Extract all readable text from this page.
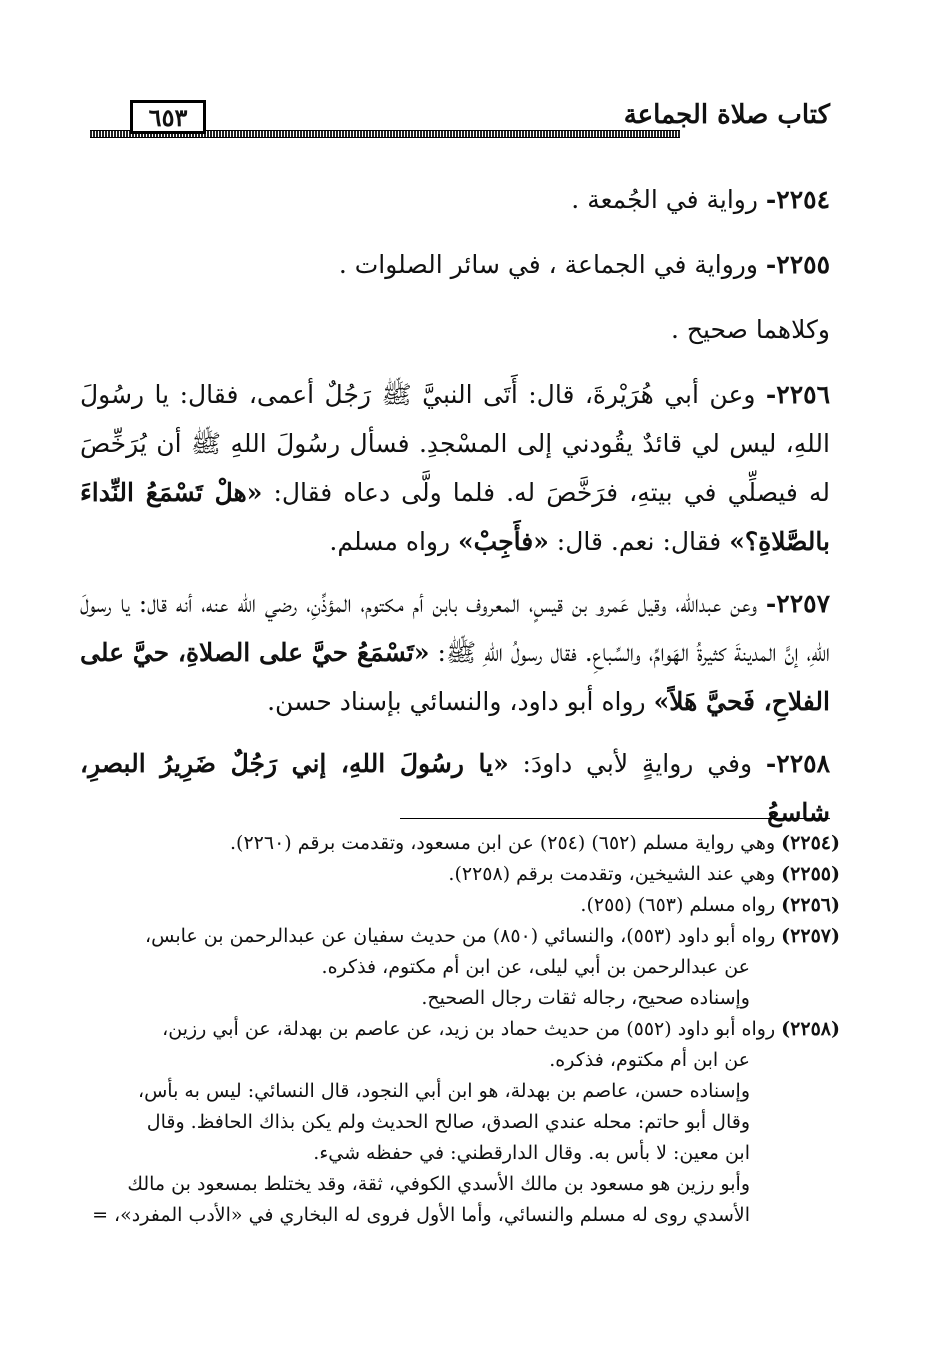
كتاب صلاة الجماعة
٦٥٣

٢٢٥٤- رواية في الجُمعة .

٢٢٥٥- ورواية في الجماعة ، في سائر الصلوات .

وكلاهما صحيح .

٢٢٥٦- وعن أبي هُرَيْرةَ، قال: أَتَى النبيَّ ﷺ رَجُلٌ أعمى، فقال: يا رسُولَ اللهِ، ليس لي قائدٌ يقُودني إلى المسْجدِ. فسأل رسُولَ اللهِ ﷺ أن يُرَخِّصَ له فيصلِّي في بيتهِ، فرَخَّصَ له. فلما ولَّى دعاه فقال: «هلْ تَسْمَعُ النِّداءَ بالصَّلاةِ؟» فقال: نعم. قال: «فأَجِبْ» رواه مسلم.

٢٢٥٧- وعن عبدالله، وقيل عَمرو بن قيسٍ، المعروف بابن أم مكتوم، المؤذِّنِ، رضي الله عنه، أنه قال: يا رسولَ اللهِ، إنَّ المدينةَ كثيرةُ الهَوامِّ، والسِّباعِ. فقال رسولُ اللهِ ﷺ: «تَسْمَعُ حيَّ على الصلاةِ، حيَّ على الفلاحِ، فَحيَّ هَلاً» رواه أبو داود، والنسائي بإسناد حسن.

٢٢٥٨- وفي روايةٍ لأبي داودَ: «يا رسُولَ اللهِ، إني رَجُلٌ ضَرِيرُ البصرِ، شاسعُ

(٢٢٥٤) وهي رواية مسلم (٦٥٢) (٢٥٤) عن ابن مسعود، وتقدمت برقم (٢٢٦٠).

(٢٢٥٥) وهي عند الشيخين، وتقدمت برقم (٢٢٥٨).

(٢٢٥٦) رواه مسلم (٦٥٣) (٢٥٥).

(٢٢٥٧) رواه أبو داود (٥٥٣)، والنسائي (٨٥٠) من حديث سفيان عن عبدالرحمن بن عابس،

عن عبدالرحمن بن أبي ليلى، عن ابن أم مكتوم، فذكره.

وإسناده صحيح، رجاله ثقات رجال الصحيح.

(٢٢٥٨) رواه أبو داود (٥٥٢) من حديث حماد بن زيد، عن عاصم بن بهدلة، عن أبي رزين،

عن ابن أم مكتوم، فذكره.

وإسناده حسن، عاصم بن بهدلة، هو ابن أبي النجود، قال النسائي: ليس به بأس،

وقال أبو حاتم: محله عندي الصدق، صالح الحديث ولم يكن بذاك الحافظ. وقال

ابن معين: لا بأس به. وقال الدارقطني: في حفظه شيء.

وأبو رزين هو مسعود بن مالك الأسدي الكوفي، ثقة، وقد يختلط بمسعود بن مالك

الأسدي روى له مسلم والنسائي، وأما الأول فروى له البخاري في «الأدب المفرد»، =
